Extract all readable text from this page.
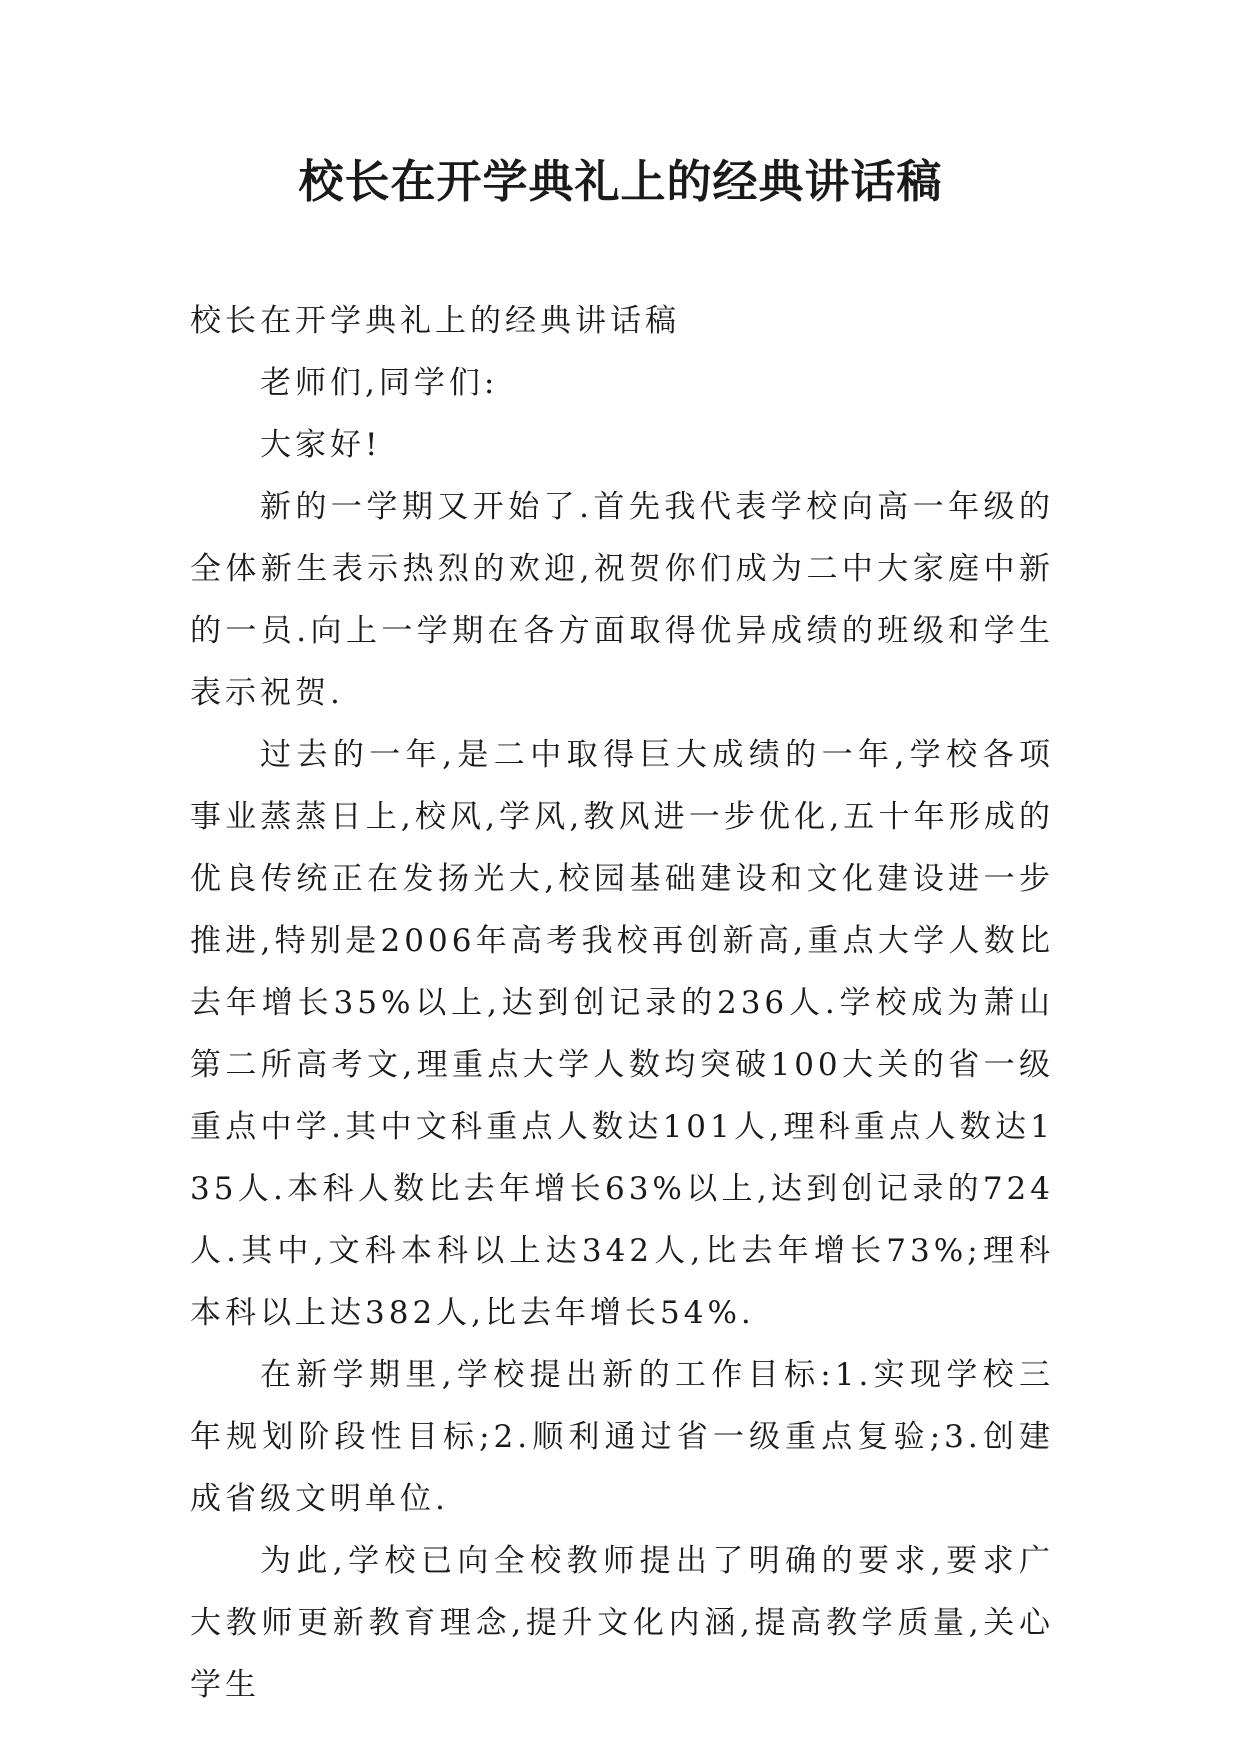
校长在开学典礼上的经典讲话稿

校长在开学典礼上的经典讲话稿

老师们,同学们:

大家好!

新的一学期又开始了.首先我代表学校向高一年级的全体新生表示热烈的欢迎,祝贺你们成为二中大家庭中新的一员.向上一学期在各方面取得优异成绩的班级和学生表示祝贺.

过去的一年,是二中取得巨大成绩的一年,学校各项事业蒸蒸日上,校风,学风,教风进一步优化,五十年形成的优良传统正在发扬光大,校园基础建设和文化建设进一步推进,特别是2006年高考我校再创新高,重点大学人数比去年增长35%以上,达到创记录的236人.学校成为萧山第二所高考文,理重点大学人数均突破100大关的省一级重点中学.其中文科重点人数达101人,理科重点人数达135人.本科人数比去年增长63%以上,达到创记录的724人.其中,文科本科以上达342人,比去年增长73%;理科本科以上达382人,比去年增长54%.

在新学期里,学校提出新的工作目标:1.实现学校三年规划阶段性目标;2.顺利通过省一级重点复验;3.创建成省级文明单位.

为此,学校已向全校教师提出了明确的要求,要求广大教师更新教育理念,提升文化内涵,提高教学质量,关心学生
